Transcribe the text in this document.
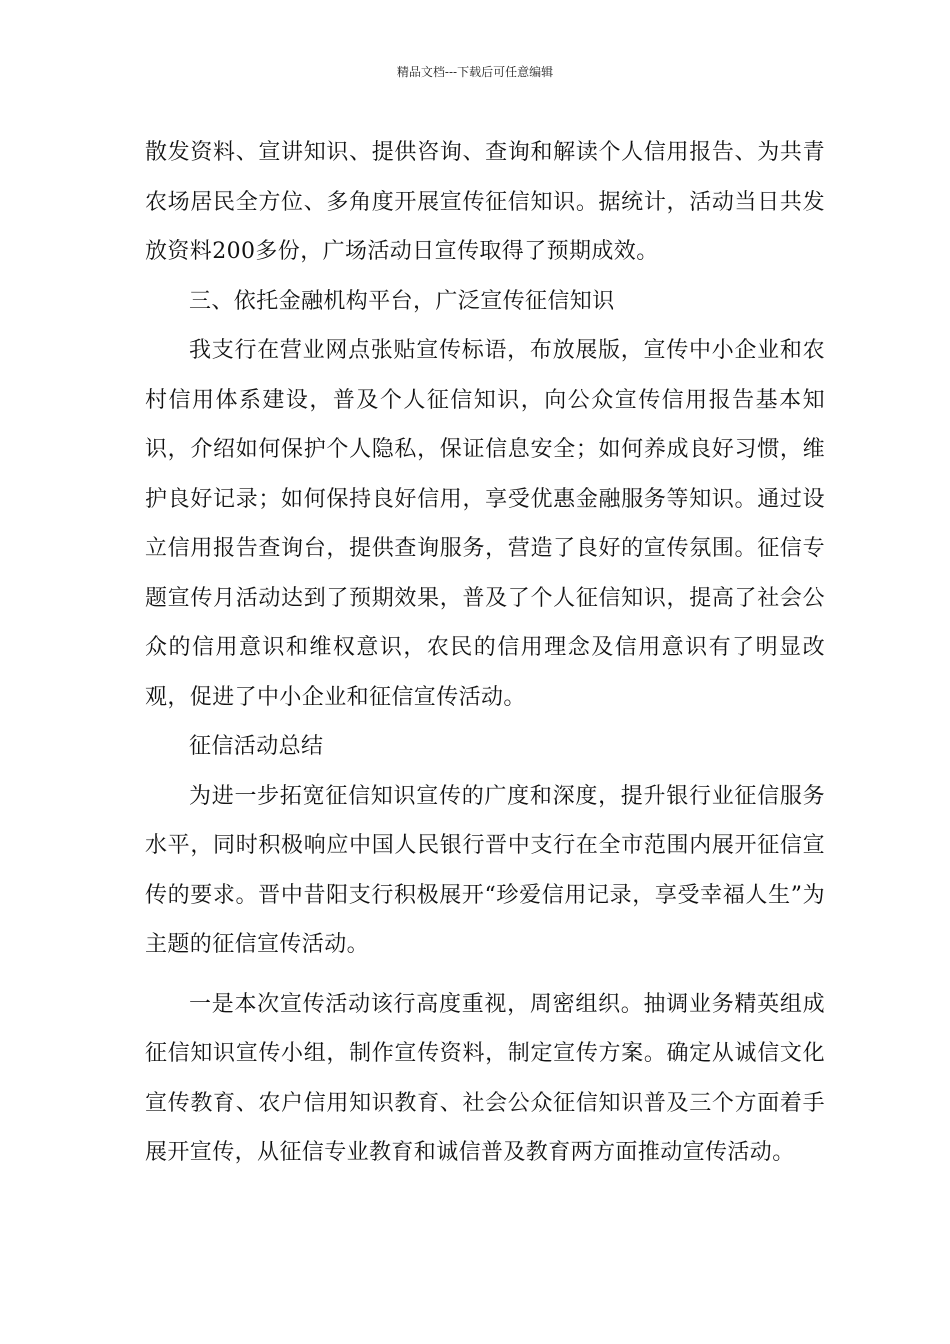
精品文档---下载后可任意编辑

散发资料、宣讲知识、提供咨询、查询和解读个人信用报告、为共青农场居民全方位、多角度开展宣传征信知识。据统计，活动当日共发放资料200多份，广场活动日宣传取得了预期成效。

三、依托金融机构平台，广泛宣传征信知识

我支行在营业网点张贴宣传标语，布放展版，宣传中小企业和农村信用体系建设，普及个人征信知识，向公众宣传信用报告基本知识，介绍如何保护个人隐私，保证信息安全；如何养成良好习惯，维护良好记录；如何保持良好信用，享受优惠金融服务等知识。通过设立信用报告查询台，提供查询服务，营造了良好的宣传氛围。征信专题宣传月活动达到了预期效果，普及了个人征信知识，提高了社会公众的信用意识和维权意识，农民的信用理念及信用意识有了明显改观，促进了中小企业和征信宣传活动。

征信活动总结

为进一步拓宽征信知识宣传的广度和深度，提升银行业征信服务水平，同时积极响应中国人民银行晋中支行在全市范围内展开征信宣传的要求。晋中昔阳支行积极展开“珍爱信用记录，享受幸福人生”为主题的征信宣传活动。

一是本次宣传活动该行高度重视，周密组织。抽调业务精英组成征信知识宣传小组，制作宣传资料，制定宣传方案。确定从诚信文化宣传教育、农户信用知识教育、社会公众征信知识普及三个方面着手展开宣传，从征信专业教育和诚信普及教育两方面推动宣传活动。
